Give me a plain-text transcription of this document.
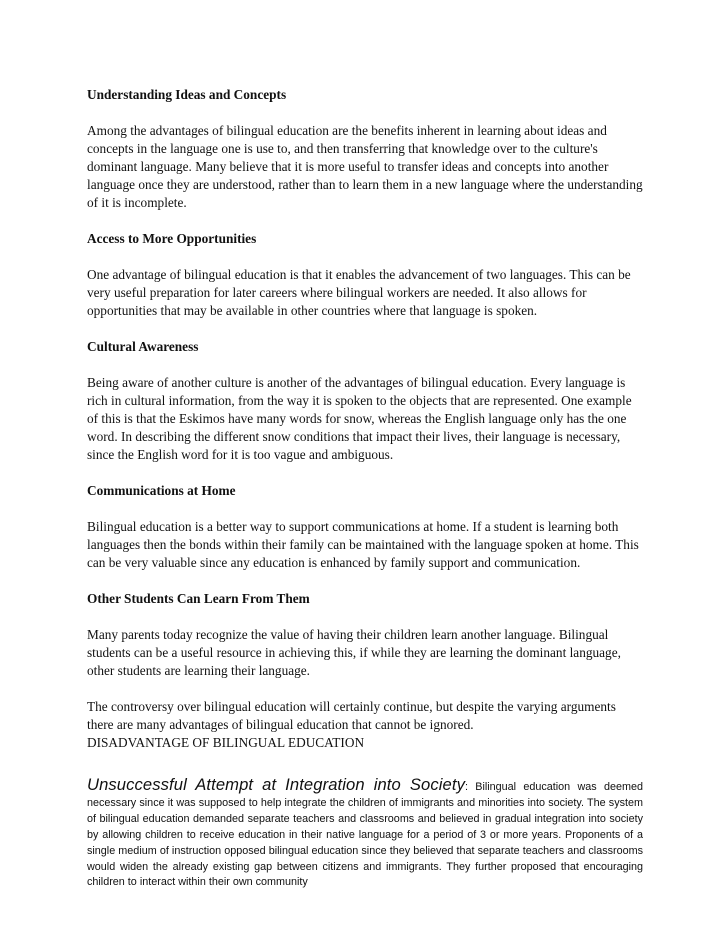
Understanding Ideas and Concepts

Among the advantages of bilingual education are the benefits inherent in learning about ideas and concepts in the language one is use to, and then transferring that knowledge over to the culture's dominant language. Many believe that it is more useful to transfer ideas and concepts into another language once they are understood, rather than to learn them in a new language where the understanding of it is incomplete.

Access to More Opportunities

One advantage of bilingual education is that it enables the advancement of two languages. This can be very useful preparation for later careers where bilingual workers are needed. It also allows for opportunities that may be available in other countries where that language is spoken.

Cultural Awareness

Being aware of another culture is another of the advantages of bilingual education. Every language is rich in cultural information, from the way it is spoken to the objects that are represented. One example of this is that the Eskimos have many words for snow, whereas the English language only has the one word. In describing the different snow conditions that impact their lives, their language is necessary, since the English word for it is too vague and ambiguous.

Communications at Home

Bilingual education is a better way to support communications at home. If a student is learning both languages then the bonds within their family can be maintained with the language spoken at home. This can be very valuable since any education is enhanced by family support and communication.

Other Students Can Learn From Them

Many parents today recognize the value of having their children learn another language. Bilingual students can be a useful resource in achieving this, if while they are learning the dominant language, other students are learning their language.

The controversy over bilingual education will certainly continue, but despite the varying arguments there are many advantages of bilingual education that cannot be ignored.

DISADVANTAGE OF BILINGUAL EDUCATION

Unsuccessful Attempt at Integration into Society: Bilingual education was deemed necessary since it was supposed to help integrate the children of immigrants and minorities into society. The system of bilingual education demanded separate teachers and classrooms and believed in gradual integration into society by allowing children to receive education in their native language for a period of 3 or more years. Proponents of a single medium of instruction opposed bilingual education since they believed that separate teachers and classrooms would widen the already existing gap between citizens and immigrants. They further proposed that encouraging children to interact within their own community
